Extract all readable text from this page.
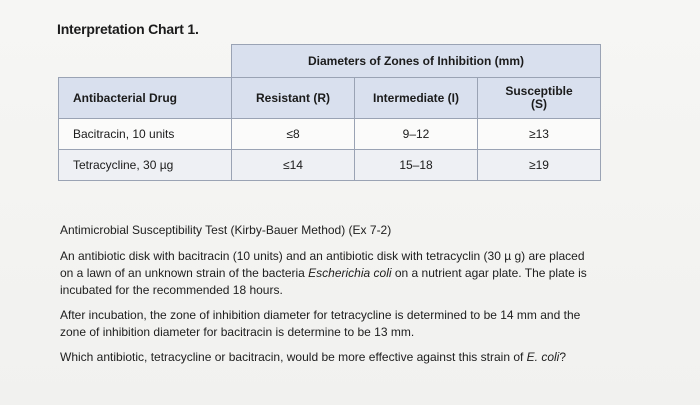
Interpretation Chart 1.
	Diameters of Zones of Inhibition (mm)		
Antibacterial Drug	Resistant (R)	Intermediate (I)	Susceptible (S)
Bacitracin, 10 units	≤8	9–12	≥13
Tetracycline, 30 µg	≤14	15–18	≥19

Antimicrobial Susceptibility Test (Kirby-Bauer Method) (Ex 7-2)

An antibiotic disk with bacitracin (10 units) and an antibiotic disk with tetracyclin (30 µ g) are placed on a lawn of an unknown strain of the bacteria Escherichia coli on a nutrient agar plate. The plate is incubated for the recommended 18 hours.

After incubation, the zone of inhibition diameter for tetracycline is determined to be 14 mm and the zone of inhibition diameter for bacitracin is determine to be 13 mm.

Which antibiotic, tetracycline or bacitracin, would be more effective against this strain of E. coli?
